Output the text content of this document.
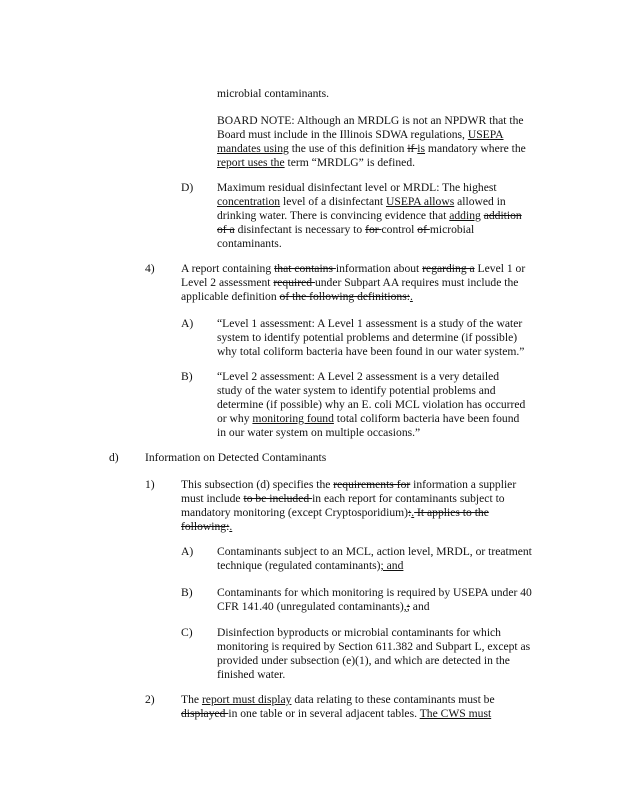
microbial contaminants.

BOARD NOTE: Although an MRDLG is not an NPDWR that the
Board must include in the Illinois SDWA regulations, USEPA
mandates using the use of this definition if is mandatory where the
report uses the term “MRDLG” is defined.

D) Maximum residual disinfectant level or MRDL: The highest
concentration level of a disinfectant USEPA allows allowed in
drinking water. There is convincing evidence that adding addition
of a disinfectant is necessary to for control of microbial
contaminants.

4) A report containing that contains information about regarding a Level 1 or
Level 2 assessment required under Subpart AA requires must include the
applicable definition of the following definitions:.

A) “Level 1 assessment: A Level 1 assessment is a study of the water
system to identify potential problems and determine (if possible)
why total coliform bacteria have been found in our water system.”

B) “Level 2 assessment: A Level 2 assessment is a very detailed
study of the water system to identify potential problems and
determine (if possible) why an E. coli MCL violation has occurred
or why monitoring found total coliform bacteria have been found
in our water system on multiple occasions.”

d) Information on Detected Contaminants

1) This subsection (d) specifies the requirements for information a supplier
must include to be included in each report for contaminants subject to
mandatory monitoring (except Cryptosporidium):. It applies to the
following:.

A) Contaminants subject to an MCL, action level, MRDL, or treatment
technique (regulated contaminants); and

B) Contaminants for which monitoring is required by USEPA under 40
CFR 141.40 (unregulated contaminants),; and

C) Disinfection byproducts or microbial contaminants for which
monitoring is required by Section 611.382 and Subpart L, except as
provided under subsection (e)(1), and which are detected in the
finished water.

2) The report must display data relating to these contaminants must be
displayed in one table or in several adjacent tables. The CWS must
